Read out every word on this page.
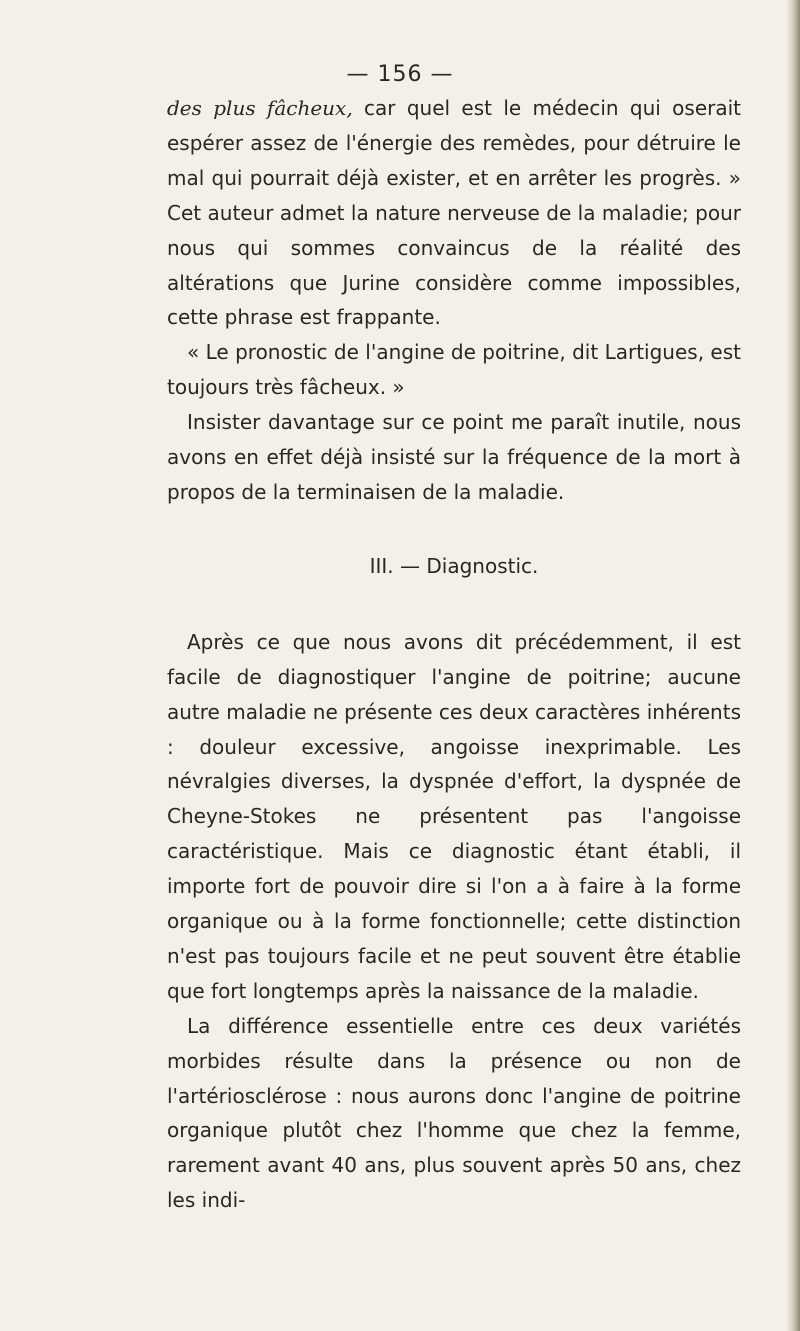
— 156 —

des plus fâcheux, car quel est le médecin qui oserait espérer assez de l'énergie des remèdes, pour détruire le mal qui pourrait déjà exister, et en arrêter les progrès. » Cet auteur admet la nature nerveuse de la maladie; pour nous qui sommes convaincus de la réalité des altérations que Jurine considère comme impossibles, cette phrase est frappante.

« Le pronostic de l'angine de poitrine, dit Lartigues, est toujours très fâcheux. »

Insister davantage sur ce point me paraît inutile, nous avons en effet déjà insisté sur la fréquence de la mort à propos de la terminaisen de la maladie.

III. — Diagnostic.

Après ce que nous avons dit précédemment, il est facile de diagnostiquer l'angine de poitrine; aucune autre maladie ne présente ces deux caractères inhérents : douleur excessive, angoisse inexprimable. Les névralgies diverses, la dyspnée d'effort, la dyspnée de Cheyne-Stokes ne présentent pas l'angoisse caractéristique. Mais ce diagnostic étant établi, il importe fort de pouvoir dire si l'on a à faire à la forme organique ou à la forme fonctionnelle; cette distinction n'est pas toujours facile et ne peut souvent être établie que fort longtemps après la naissance de la maladie.

La différence essentielle entre ces deux variétés morbides résulte dans la présence ou non de l'artériosclérose : nous aurons donc l'angine de poitrine organique plutôt chez l'homme que chez la femme, rarement avant 40 ans, plus souvent après 50 ans, chez les indi-
